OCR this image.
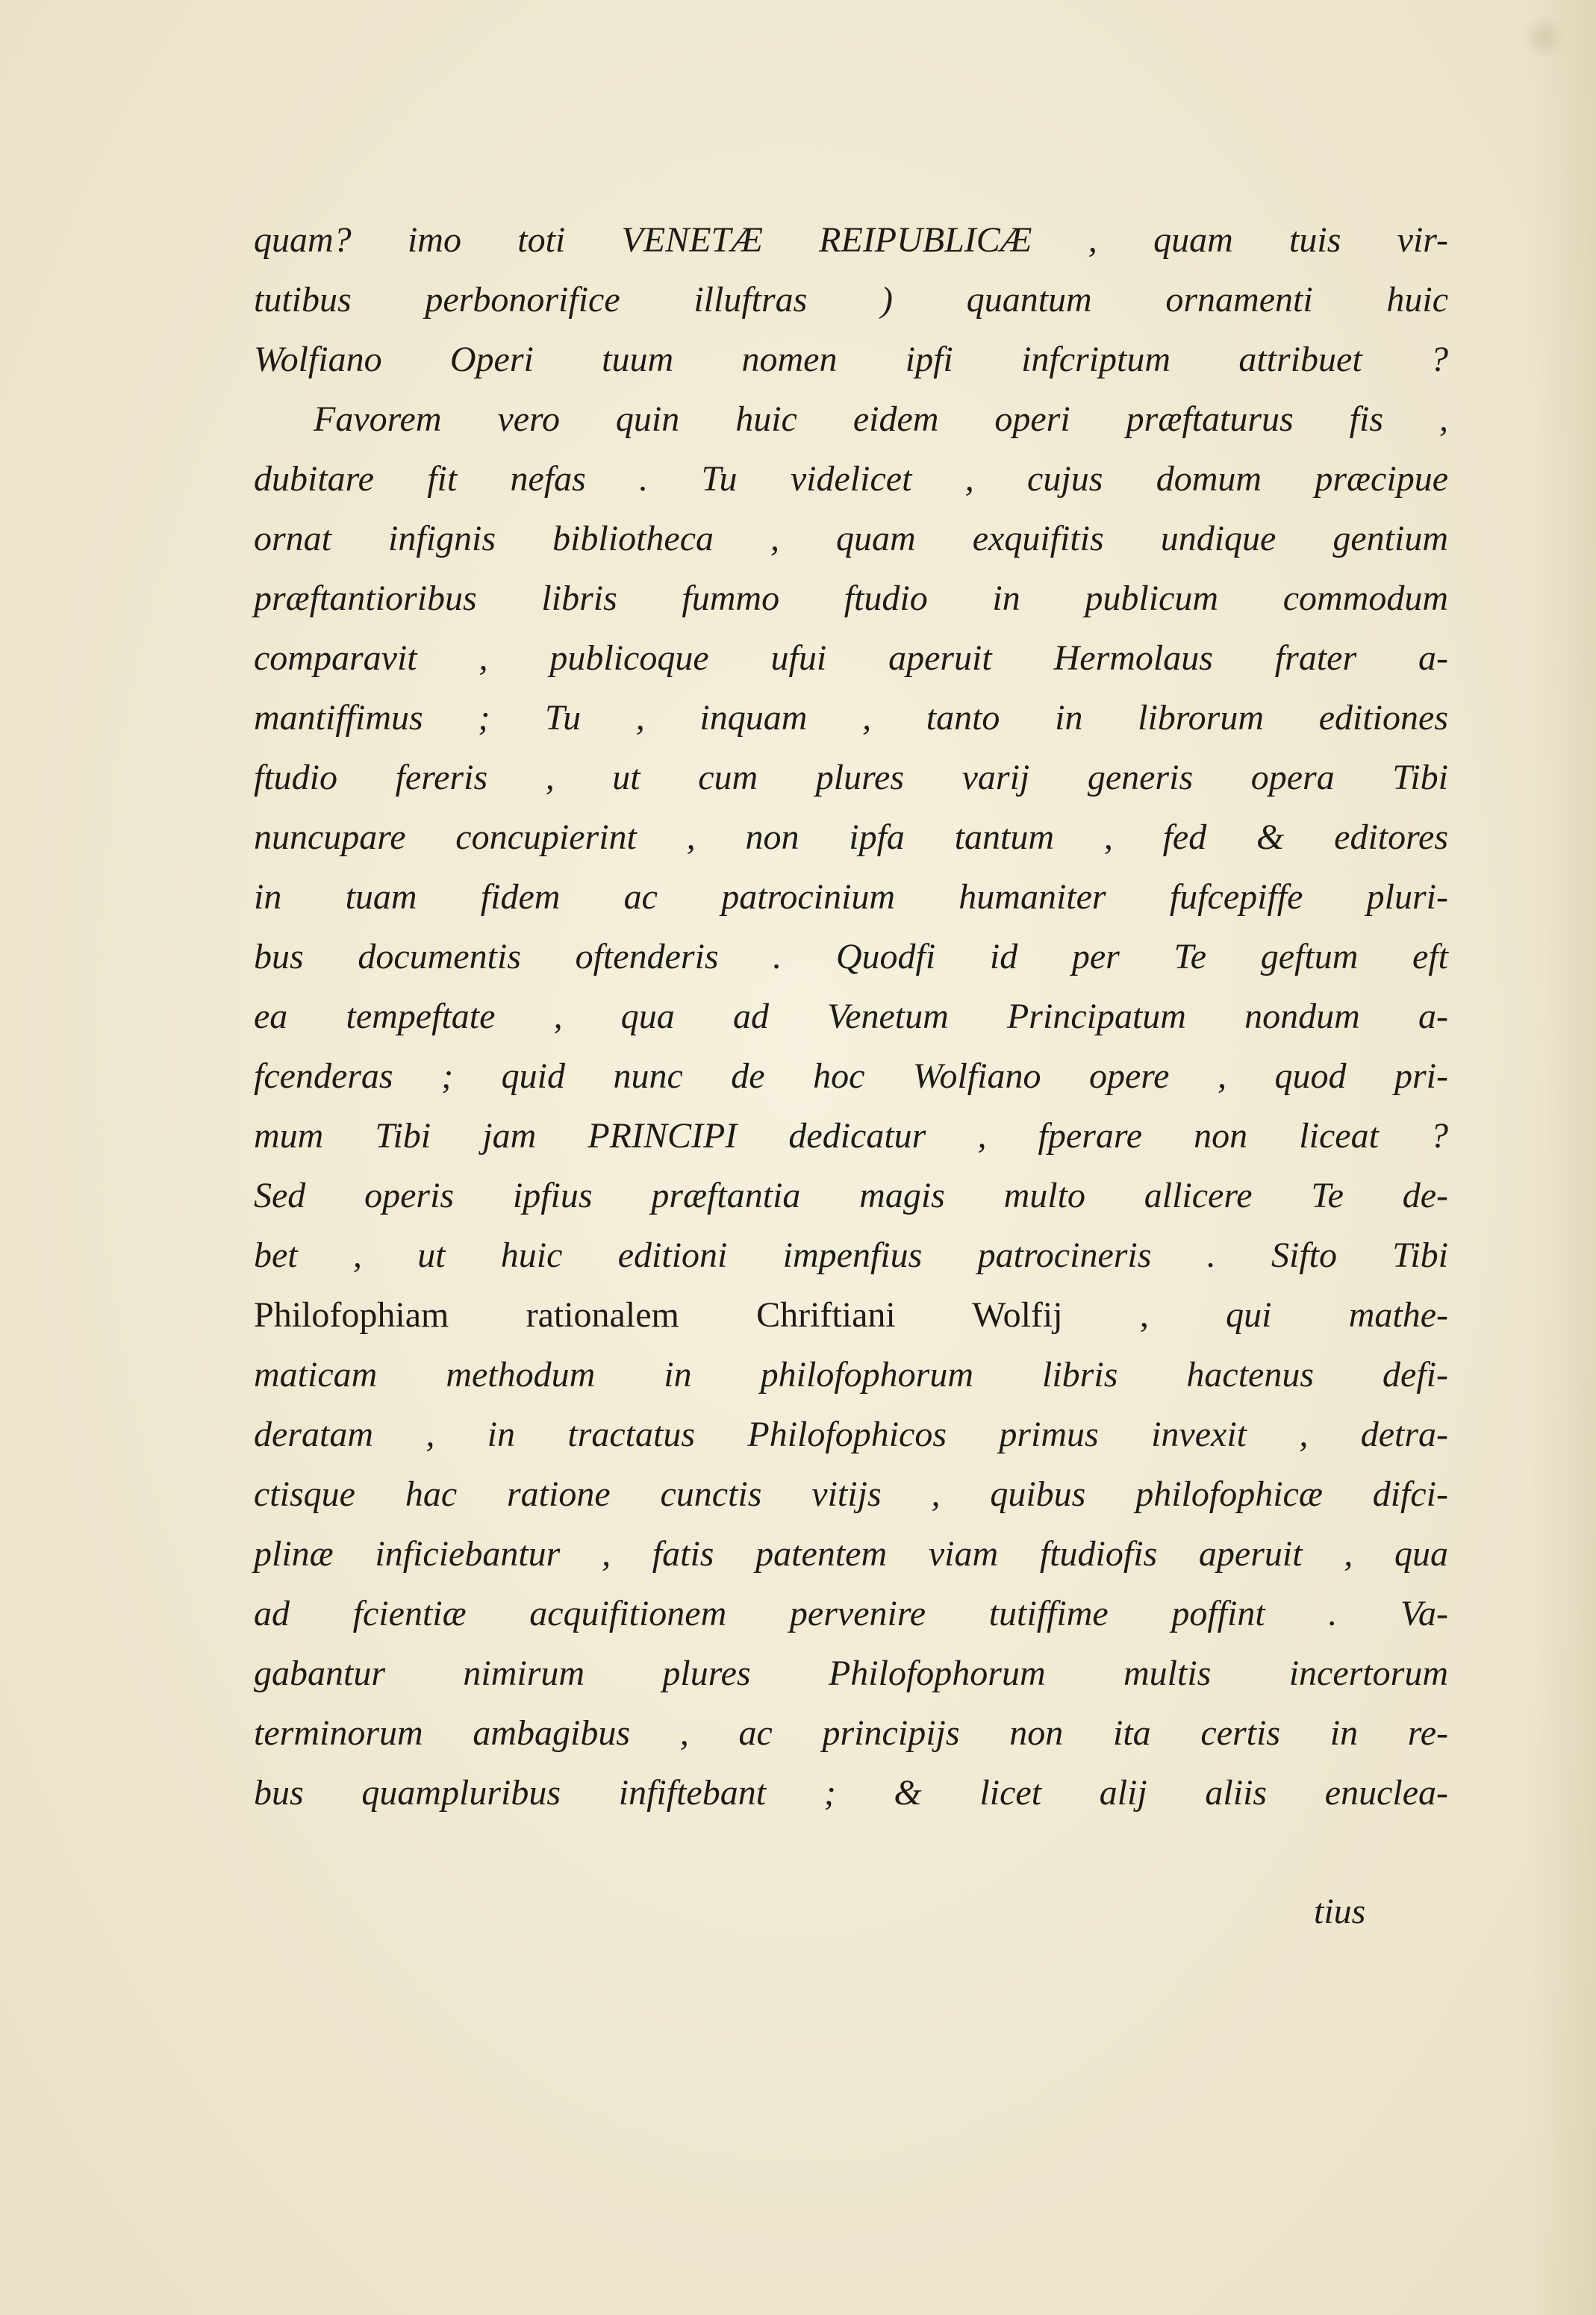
quam? imo toti VENETÆ REIPUBLICÆ , quam tuis vir-
tutibus perbonorifice illuftras ) quantum ornamenti huic
Wolfiano Operi tuum nomen ipfi infcriptum attribuet ?
Favorem vero quin huic eidem operi præftaturus fis ,
dubitare fit nefas . Tu videlicet , cujus domum præcipue
ornat infignis bibliotheca , quam exquifitis undique gentium
præftantioribus libris fummo ftudio in publicum commodum
comparavit , publicoque ufui aperuit Hermolaus frater a-
mantiffimus ; Tu , inquam , tanto in librorum editiones
ftudio fereris , ut cum plures varij generis opera Tibi
nuncupare concupierint , non ipfa tantum , fed & editores
in tuam fidem ac patrocinium humaniter fufcepiffe pluri-
bus documentis oftenderis . Quodfi id per Te geftum eft
ea tempeftate , qua ad Venetum Principatum nondum a-
fcenderas ; quid nunc de hoc Wolfiano opere , quod pri-
mum Tibi jam PRINCIPI dedicatur , fperare non liceat ?
Sed operis ipfius præftantia magis multo allicere Te de-
bet , ut huic editioni impenfius patrocineris . Sifto Tibi
Philofophiam rationalem Chriftiani Wolfij , qui mathe-
maticam methodum in philofophorum libris hactenus defi-
deratam , in tractatus Philofophicos primus invexit , detra-
ctisque hac ratione cunctis vitijs , quibus philofophicæ difci-
plinæ inficiebantur , fatis patentem viam ftudiofis aperuit , qua
ad fcientiæ acquifitionem pervenire tutiffime poffint . Va-
gabantur nimirum plures Philofophorum multis incertorum
terminorum ambagibus , ac principijs non ita certis in re-
bus quampluribus infiftebant ; & licet alij aliis enuclea-
tius
